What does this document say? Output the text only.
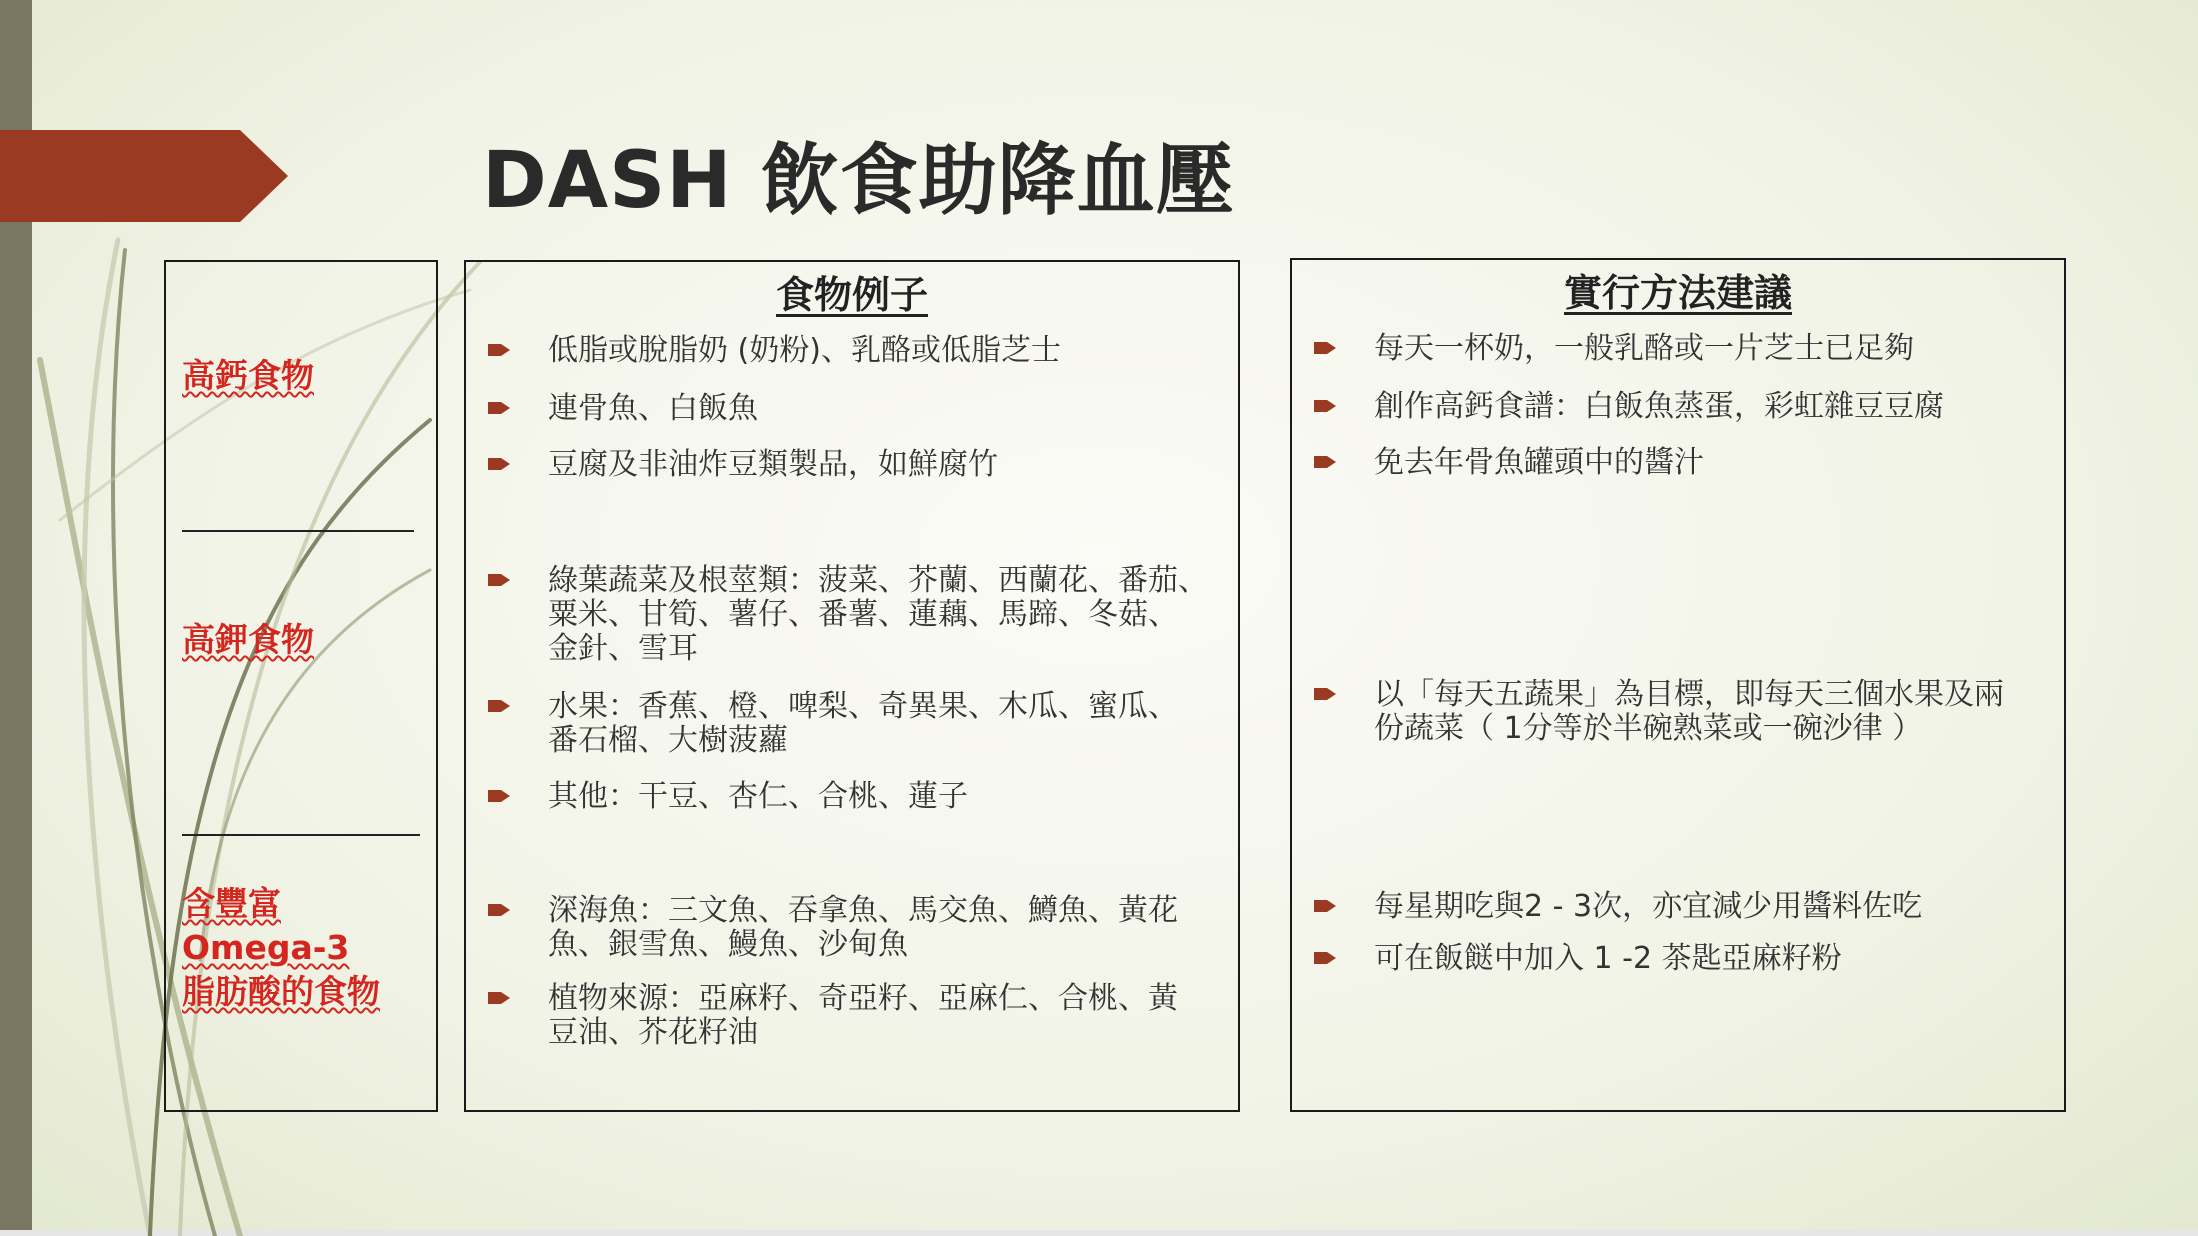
DASH 飲食助降血壓
高鈣食物
高鉀食物
含豐富
Omega-3
脂肪酸的食物
食物例子
低脂或脫脂奶 (奶粉)、乳酪或低脂芝士
連骨魚、白飯魚
豆腐及非油炸豆類製品，如鮮腐竹
綠葉蔬菜及根莖類：菠菜、芥蘭、西蘭花、番茄、
粟米、甘筍、薯仔、番薯、蓮藕、馬蹄、冬菇、
金針、雪耳
水果：香蕉、橙、啤梨、奇異果、木瓜、蜜瓜、
番石榴、大樹菠蘿
其他：干豆、杏仁、合桃、蓮子
深海魚：三文魚、吞拿魚、馬交魚、鱒魚、黃花
魚、銀雪魚、鰻魚、沙甸魚
植物來源：亞麻籽、奇亞籽、亞麻仁、合桃、黃
豆油、芥花籽油
實行方法建議
每天一杯奶，一般乳酪或一片芝士已足夠
創作高鈣食譜：白飯魚蒸蛋，彩虹雜豆豆腐
免去年骨魚罐頭中的醬汁
以「每天五蔬果」為目標，即每天三個水果及兩
份蔬菜（ 1分等於半碗熟菜或一碗沙律 ）
每星期吃與2 - 3次，亦宜減少用醬料佐吃
可在飯餸中加入 1 -2 茶匙亞麻籽粉
